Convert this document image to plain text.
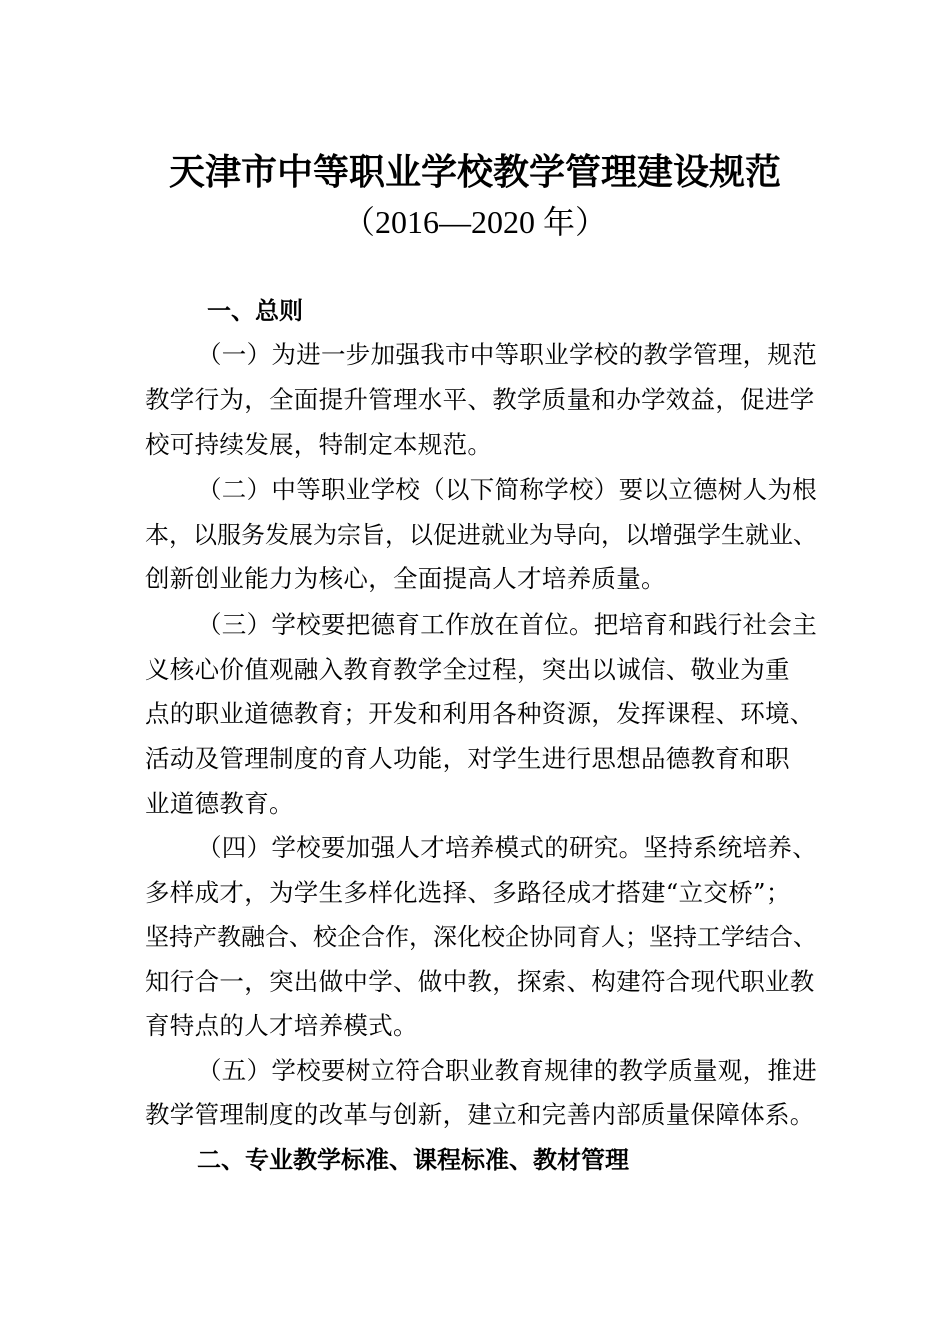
天津市中等职业学校教学管理建设规范
（2016—2020 年）
一、总则
（一）为进一步加强我市中等职业学校的教学管理，规范
教学行为，全面提升管理水平、教学质量和办学效益，促进学
校可持续发展，特制定本规范。
（二）中等职业学校（以下简称学校）要以立德树人为根
本，以服务发展为宗旨，以促进就业为导向，以增强学生就业、
创新创业能力为核心，全面提高人才培养质量。
（三）学校要把德育工作放在首位。把培育和践行社会主
义核心价值观融入教育教学全过程，突出以诚信、敬业为重
点的职业道德教育；开发和利用各种资源，发挥课程、环境、
活动及管理制度的育人功能，对学生进行思想品德教育和职
业道德教育。
（四）学校要加强人才培养模式的研究。坚持系统培养、
多样成才，为学生多样化选择、多路径成才搭建“立交桥”；
坚持产教融合、校企合作，深化校企协同育人；坚持工学结合、
知行合一，突出做中学、做中教，探索、构建符合现代职业教
育特点的人才培养模式。
（五）学校要树立符合职业教育规律的教学质量观，推进
教学管理制度的改革与创新，建立和完善内部质量保障体系。
二、专业教学标准、课程标准、教材管理
